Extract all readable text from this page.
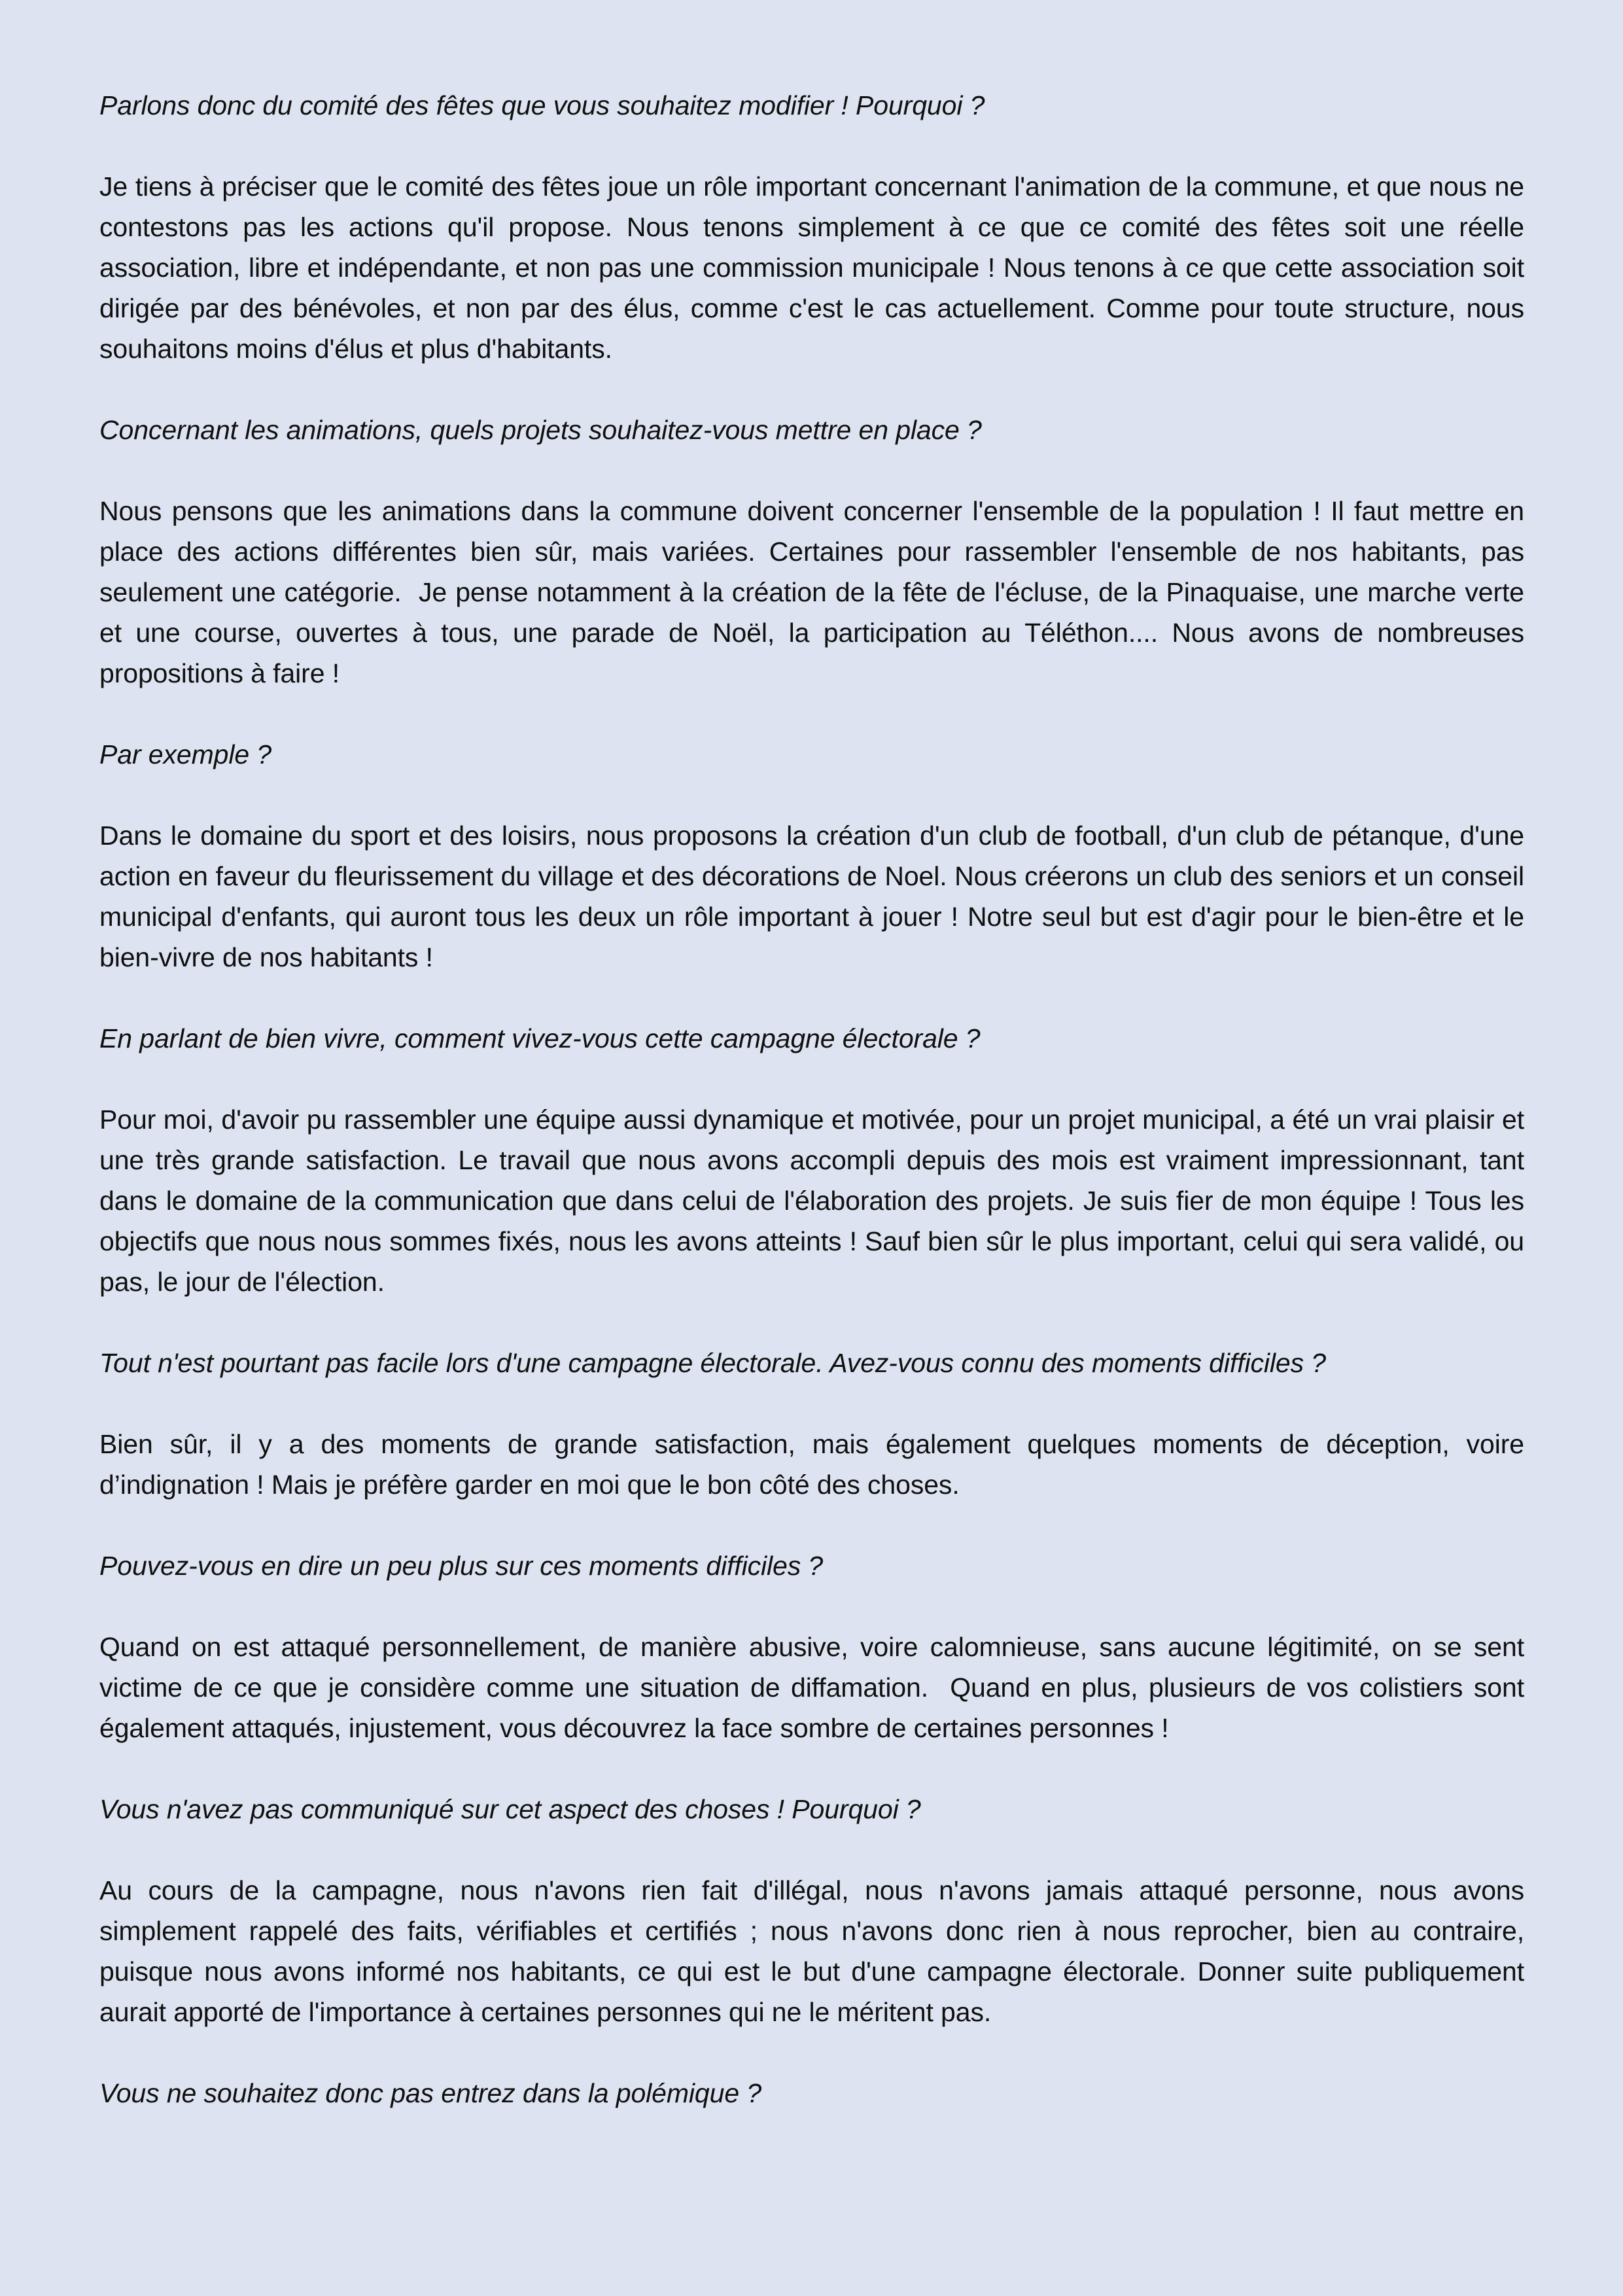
Parlons donc du comité des fêtes que vous souhaitez modifier ! Pourquoi ?

Je tiens à préciser que le comité des fêtes joue un rôle important concernant l'animation de la commune, et que nous ne contestons pas les actions qu'il propose. Nous tenons simplement à ce que ce comité des fêtes soit une réelle association, libre et indépendante, et non pas une commission municipale ! Nous tenons à ce que cette association soit dirigée par des bénévoles, et non par des élus, comme c'est le cas actuellement. Comme pour toute structure, nous souhaitons moins d'élus et plus d'habitants.

Concernant les animations, quels projets souhaitez-vous mettre en place ?

Nous pensons que les animations dans la commune doivent concerner l'ensemble de la population ! Il faut mettre en place des actions différentes bien sûr, mais variées. Certaines pour rassembler l'ensemble de nos habitants, pas seulement une catégorie.  Je pense notamment à la création de la fête de l'écluse, de la Pinaquaise, une marche verte et une course, ouvertes à tous, une parade de Noël, la participation au Téléthon.... Nous avons de nombreuses propositions à faire !

Par exemple ?

Dans le domaine du sport et des loisirs, nous proposons la création d'un club de football, d'un club de pétanque, d'une action en faveur du fleurissement du village et des décorations de Noel. Nous créerons un club des seniors et un conseil municipal d'enfants, qui auront tous les deux un rôle important à jouer ! Notre seul but est d'agir pour le bien-être et le bien-vivre de nos habitants !

En parlant de bien vivre, comment vivez-vous cette campagne électorale ?

Pour moi, d'avoir pu rassembler une équipe aussi dynamique et motivée, pour un projet municipal, a été un vrai plaisir et une très grande satisfaction. Le travail que nous avons accompli depuis des mois est vraiment impressionnant, tant dans le domaine de la communication que dans celui de l'élaboration des projets. Je suis fier de mon équipe ! Tous les objectifs que nous nous sommes fixés, nous les avons atteints ! Sauf bien sûr le plus important, celui qui sera validé, ou pas, le jour de l'élection.

Tout n'est pourtant pas facile lors d'une campagne électorale. Avez-vous connu des moments difficiles ?

Bien sûr, il y a des moments de grande satisfaction, mais également quelques moments de déception, voire d’indignation ! Mais je préfère garder en moi que le bon côté des choses.

Pouvez-vous en dire un peu plus sur ces moments difficiles ?

Quand on est attaqué personnellement, de manière abusive, voire calomnieuse, sans aucune légitimité, on se sent victime de ce que je considère comme une situation de diffamation.  Quand en plus, plusieurs de vos colistiers sont également attaqués, injustement, vous découvrez la face sombre de certaines personnes !

Vous n'avez pas communiqué sur cet aspect des choses ! Pourquoi ?

Au cours de la campagne, nous n'avons rien fait d'illégal, nous n'avons jamais attaqué personne, nous avons simplement rappelé des faits, vérifiables et certifiés ; nous n'avons donc rien à nous reprocher, bien au contraire, puisque nous avons informé nos habitants, ce qui est le but d'une campagne électorale. Donner suite publiquement aurait apporté de l'importance à certaines personnes qui ne le méritent pas.

Vous ne souhaitez donc pas entrez dans la polémique ?
